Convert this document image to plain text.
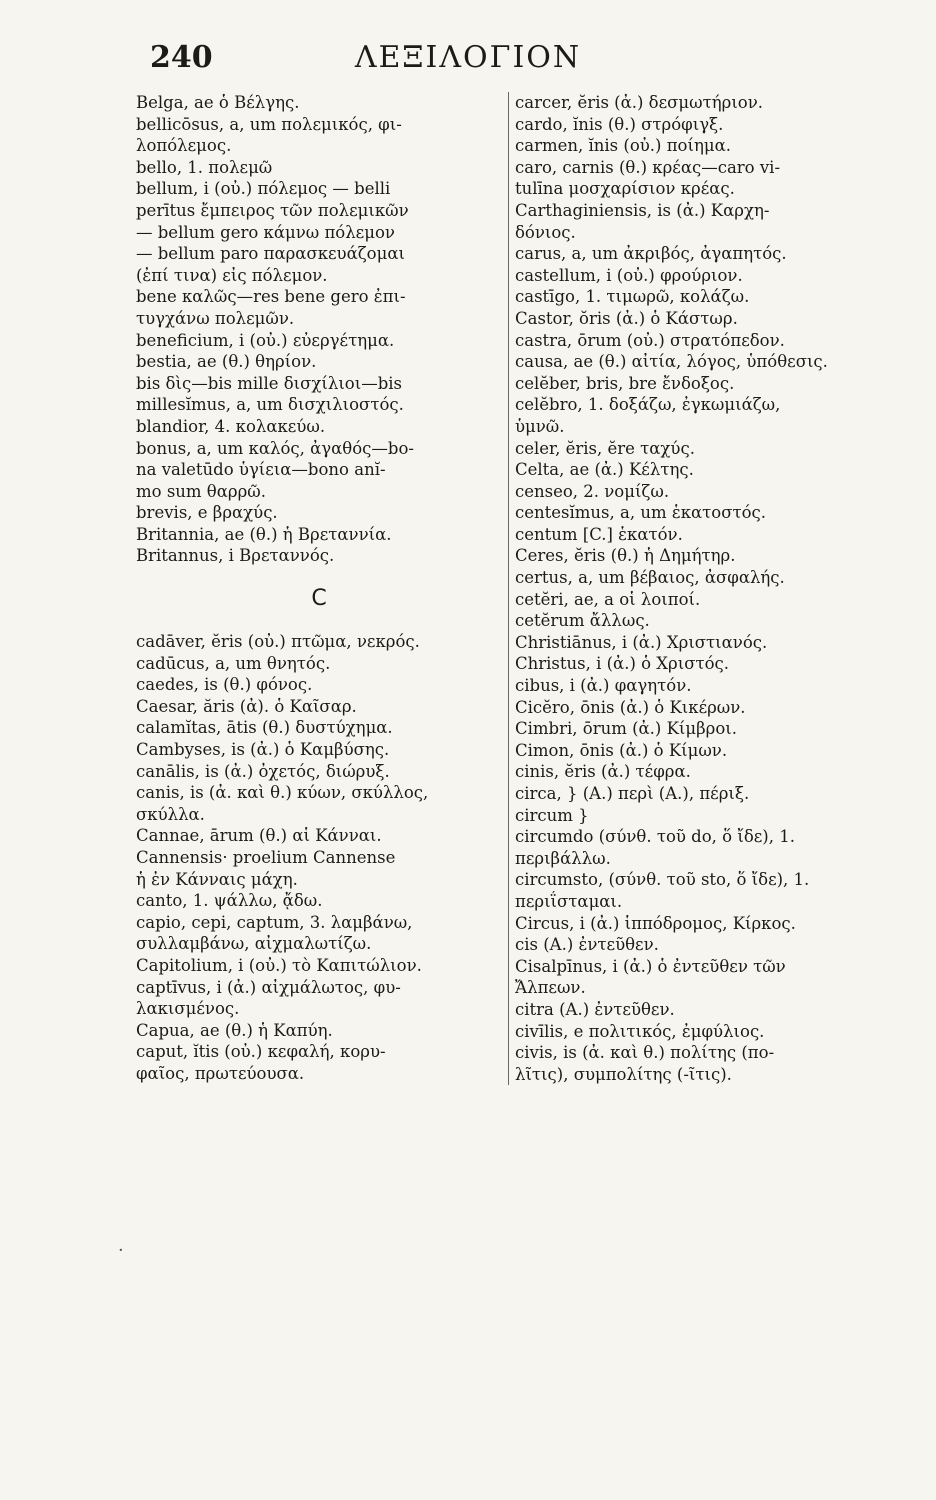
240	ΛΕΞΙΛΟΓΙΟΝ
Belga, ae ὁ Βέλγης.
bellicōsus, a, um πολεμικός, φι-
λοπόλεμος.
bello, 1. πολεμῶ
bellum, i (οὐ.) πόλεμος — belli
perītus ἔμπειρος τῶν πολεμικῶν
— bellum gero κάμνω πόλεμον
— bellum paro παρασκευάζομαι
(ἐπί τινα) εἰς πόλεμον.
bene καλῶς—res bene gero ἐπι-
τυγχάνω πολεμῶν.
beneficium, i (οὐ.) εὐεργέτημα.
bestia, ae (θ.) θηρίον.
bis δὶς—bis mille δισχίλιοι—bis
millesĭmus, a, um δισχιλιοστός.
blandior, 4. κολακεύω.
bonus, a, um καλός, ἀγαθός—bo-
na valetūdo ὑγίεια—bono anĭ-
mo sum θαρρῶ.
brevis, e βραχύς.
Britannia, ae (θ.) ἡ Βρεταννία.
Britannus, i Βρεταννός.
C
cadāver, ĕris (οὐ.) πτῶμα, νεκρός.
cadūcus, a, um θνητός.
caedes, is (θ.) φόνος.
Caesar, ăris (ἀ). ὁ Καῖσαρ.
calamĭtas, ātis (θ.) δυστύχημα.
Cambyses, is (ἀ.) ὁ Καμβύσης.
canālis, is (ἀ.) ὀχετός, διώρυξ.
canis, is (ἀ. καὶ θ.) κύων, σκύλλος,
σκύλλα.
Cannae, ārum (θ.) αἱ Κάνναι.
Cannensis· proelium Cannense
ἡ ἐν Κάνναις μάχη.
canto, 1. ψάλλω, ᾄδω.
capio, cepi, captum, 3. λαμβάνω,
συλλαμβάνω, αἰχμαλωτίζω.
Capitolium, i (οὐ.) τὸ Καπιτώλιον.
captīvus, i (ἀ.) αἰχμάλωτος, φυ-
λακισμένος.
Capua, ae (θ.) ἡ Καπύη.
caput, ĭtis (οὐ.) κεφαλή, κορυ-
φαῖος, πρωτεύουσα.
carcer, ĕris (ἀ.) δεσμωτήριον.
cardo, ĭnis (θ.) στρόφιγξ.
carmen, ĭnis (οὐ.) ποίημα.
caro, carnis (θ.) κρέας—caro vi-
tulīna μοσχαρίσιον κρέας.
Carthaginiensis, is (ἀ.) Καρχη-
δόνιος.
carus, a, um ἀκριβός, ἀγαπητός.
castellum, i (οὐ.) φρούριον.
castīgo, 1. τιμωρῶ, κολάζω.
Castor, ŏris (ἀ.) ὁ Κάστωρ.
castra, ōrum (οὐ.) στρατόπεδον.
causa, ae (θ.) αἰτία, λόγος, ὑπόθεσις.
celĕber, bris, bre ἔνδοξος.
celĕbro, 1. δοξάζω, ἐγκωμιάζω,
ὑμνῶ.
celer, ĕris, ĕre ταχύς.
Celta, ae (ἀ.) Κέλτης.
censeo, 2. νομίζω.
centesĭmus, a, um ἑκατοστός.
centum [C.] ἑκατόν.
Ceres, ĕris (θ.) ἡ Δημήτηρ.
certus, a, um βέβαιος, ἀσφαλής.
cetĕri, ae, a οἱ λοιποί.
cetĕrum ἄλλως.
Christiānus, i (ἀ.) Χριστιανός.
Christus, i (ἀ.) ὁ Χριστός.
cibus, i (ἀ.) φαγητόν.
Cicĕro, ōnis (ἀ.) ὁ Κικέρων.
Cimbri, ōrum (ἀ.) Κίμβροι.
Cimon, ōnis (ἀ.) ὁ Κίμων.
cinis, ĕris (ἀ.) τέφρα.
circa, } (A.) περὶ (A.), πέριξ.
circum }
circumdo (σύνθ. τοῦ do, ὅ ἴδε), 1.
περιβάλλω.
circumsto, (σύνθ. τοῦ sto, ὅ ἴδε), 1.
περιΐσταμαι.
Circus, i (ἀ.) ἱππόδρομος, Κίρκος.
cis (A.) ἐντεῦθεν.
Cisalpīnus, i (ἀ.) ὁ ἐντεῦθεν τῶν
Ἄλπεων.
citra (A.) ἐντεῦθεν.
civīlis, e πολιτικός, ἐμφύλιος.
civis, is (ἀ. καὶ θ.) πολίτης (πο-
λῖτις), συμπολίτης (-ῖτις).
·
